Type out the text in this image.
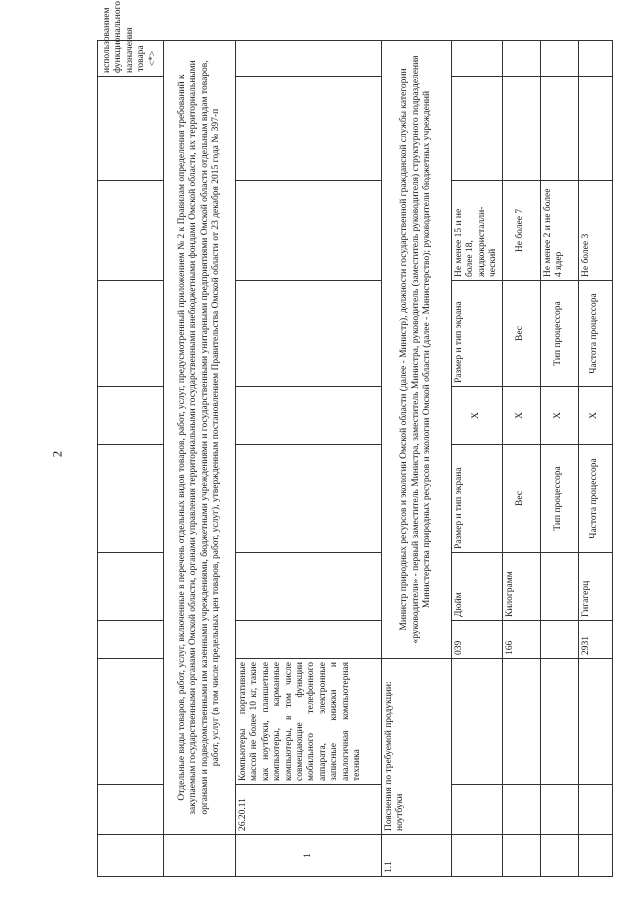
2
										использованием функционального назначения товара <*>
	Отдельные виды товаров, работ, услуг, включенные в перечень отдельных видов товаров, работ, услуг, предусмотренный приложением № 2 к Правилам определения требований к закупаемым государственными органами Омской области, органами управления территориальными государственными внебюджетными фондами Омской области, их территориальными органами и подведомственными им казенными учреждениями, бюджетными учреждениями и государственными унитарными предприятиями Омской области отдельным видам товаров, работ, услуг (в том числе предельных цен товаров, работ, услуг), утвержденным постановлением Правительства Омской области от 23 декабря 2015 года № 397-п									
1	26.20.11	Компьютеры портативные массой не более 10 кг, такие как ноутбуки, планшетные компьютеры, карманные компьютеры, в том числе совмещающие функции мобильного телефонного аппарата, электронные записные книжки и аналогичная компьютерная техника								
1.1	Пояснения по требуемой продукции: ноутбуки		Министр природных ресурсов и экологии Омской области (далее - Министр), должности государственной гражданской службы категории «руководители» - первый заместитель Министра, заместитель Министра, руководитель (заместитель руководителя) структурного подразделения Министерства природных ресурсов и экологии Омской области (далее - Министерство); руководители бюджетных учреждений							
			039	Дюйм	Размер и тип экрана	X	Размер и тип экрана	Не менее 15 и не более 18, жидкокристалли-ческий		
			166	Килограмм	Вес	X	Вес	Не более 7		
					Тип процессора	X	Тип процессора	Не менее 2 и не более 4 ядер		
			2931	Гигагерц	Частота процессора	X	Частота процессора	Не более 3		
